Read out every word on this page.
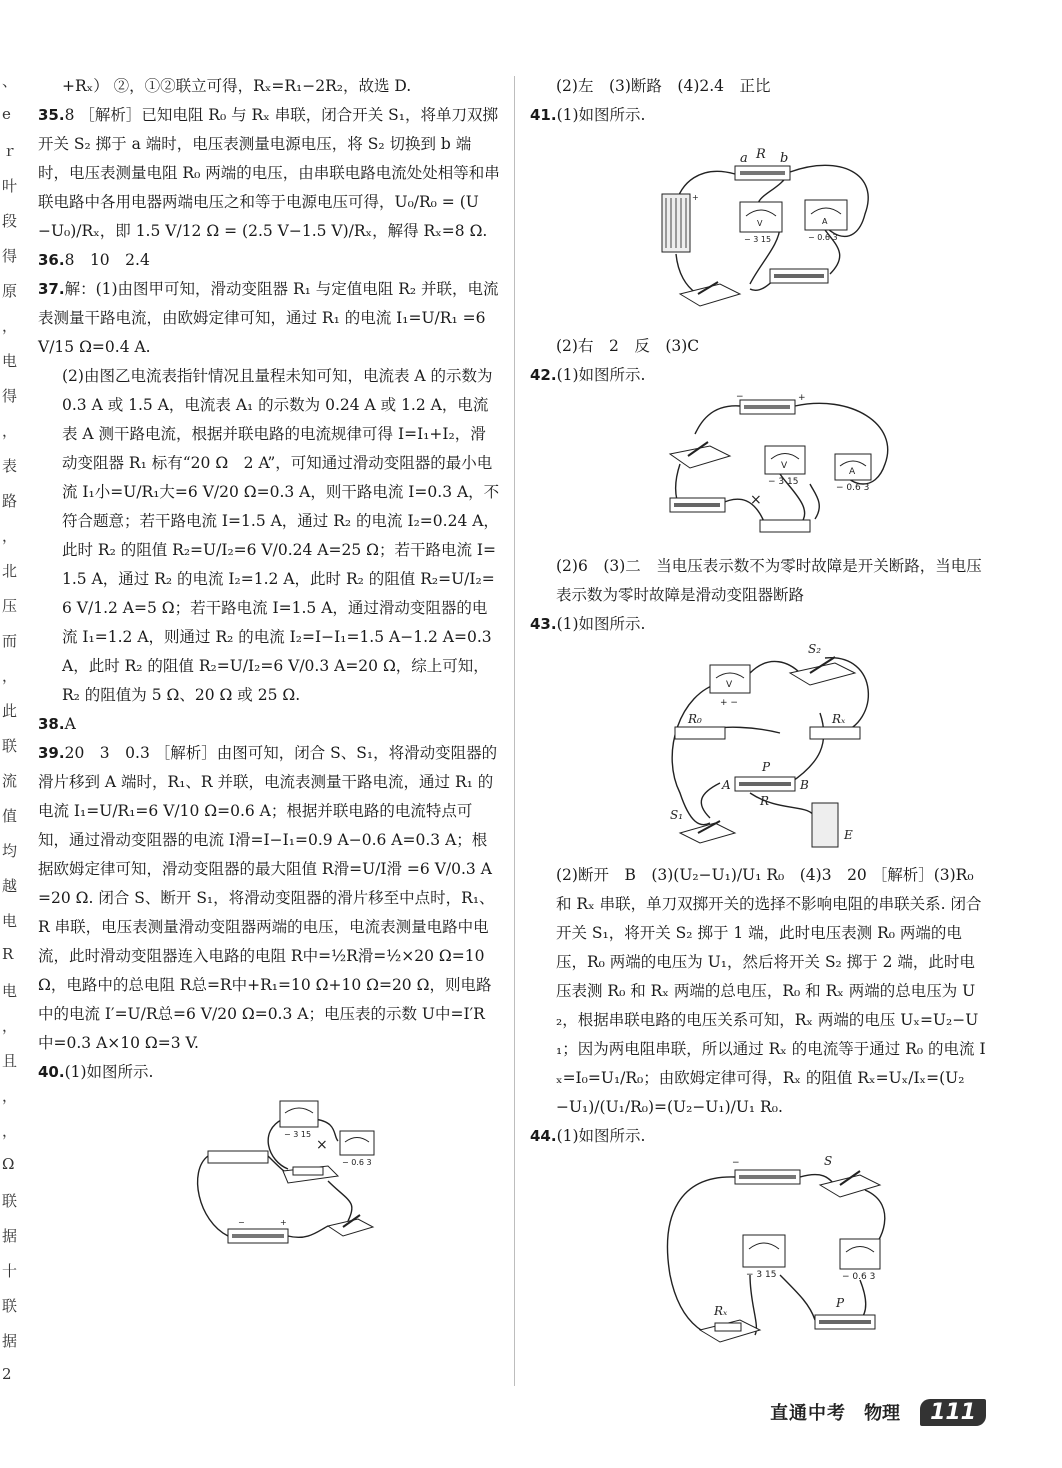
、
e
ｒ
叶
段
得
原
，
电
得
，
表
路
，
北
压
而
，
此
联
流
值
均
越
电
R
电
，
且
，
，
Ω
联
据
十
联
据
2

+Rₓ） ②，①②联立可得，Rₓ=R₁−2R₂，故选 D.

35.8 ［解析］已知电阻 R₀ 与 Rₓ 串联，闭合开关 S₁，将单刀双掷开关 S₂ 掷于 a 端时，电压表测量电源电压，将 S₂ 切换到 b 端时，电压表测量电阻 R₀ 两端的电压，由串联电路电流处处相等和串联电路中各用电器两端电压之和等于电源电压可得，U₀/R₀ = (U−U₀)/Rₓ，即 1.5 V/12 Ω = (2.5 V−1.5 V)/Rₓ，解得 Rₓ=8 Ω.

36.8　10　2.4

37.解：(1)由图甲可知，滑动变阻器 R₁ 与定值电阻 R₂ 并联，电流表测量干路电流，由欧姆定律可知，通过 R₁ 的电流 I₁=U/R₁ =6 V/15 Ω=0.4 A.

(2)由图乙电流表指针情况且量程未知可知，电流表 A 的示数为 0.3 A 或 1.5 A，电流表 A₁ 的示数为 0.24 A 或 1.2 A，电流表 A 测干路电流，根据并联电路的电流规律可得 I=I₁+I₂，滑动变阻器 R₁ 标有“20 Ω　2 A”，可知通过滑动变阻器的最小电流 I₁小=U/R₁大=6 V/20 Ω=0.3 A，则干路电流 I=0.3 A，不符合题意；若干路电流 I=1.5 A，通过 R₂ 的电流 I₂=0.24 A，此时 R₂ 的阻值 R₂=U/I₂=6 V/0.24 A=25 Ω；若干路电流 I=1.5 A，通过 R₂ 的电流 I₂=1.2 A，此时 R₂ 的阻值 R₂=U/I₂=6 V/1.2 A=5 Ω；若干路电流 I=1.5 A，通过滑动变阻器的电流 I₁=1.2 A，则通过 R₂ 的电流 I₂=I−I₁=1.5 A−1.2 A=0.3 A，此时 R₂ 的阻值 R₂=U/I₂=6 V/0.3 A=20 Ω，综上可知，R₂ 的阻值为 5 Ω、20 Ω 或 25 Ω.

38.A

39.20　3　0.3 ［解析］由图可知，闭合 S、S₁，将滑动变阻器的滑片移到 A 端时，R₁、R 并联，电流表测量干路电流，通过 R₁ 的电流 I₁=U/R₁=6 V/10 Ω=0.6 A；根据并联电路的电流特点可知，通过滑动变阻器的电流 I滑=I−I₁=0.9 A−0.6 A=0.3 A；根据欧姆定律可知，滑动变阻器的最大阻值 R滑=U/I滑 =6 V/0.3 A=20 Ω. 闭合 S、断开 S₁，将滑动变阻器的滑片移至中点时，R₁、R 串联，电压表测量滑动变阻器两端的电压，电流表测量电路中电流，此时滑动变阻器连入电路的电阻 R中=½R滑=½×20 Ω=10 Ω，电路中的总电阻 R总=R中+R₁=10 Ω+10 Ω=20 Ω，则电路中的电流 I′=U/R总=6 V/20 Ω=0.3 A；电压表的示数 U中=I′R中=0.3 A×10 Ω=3 V.

40.(1)如图所示.

×
− 3 15
− 0.6 3
−	+

(2)左　(3)断路　(4)2.4　正比

41.(1)如图所示.

a R b
+
V	A
− 3 15	− 0.6 3

(2)右　2　反　(3)C

42.(1)如图所示.

×
−	+
V
A
− 3 15
− 0.6 3

(2)6　(3)二　当电压表示数不为零时故障是开关断路，当电压表示数为零时故障是滑动变阻器断路

43.(1)如图所示.

S₂
R₀	Rₓ
P
A	B
R
S₁
E
V
+ −

(2)断开　B　(3)(U₂−U₁)/U₁ R₀　(4)3　20 ［解析］(3)R₀ 和 Rₓ 串联，单刀双掷开关的选择不影响电阻的串联关系. 闭合开关 S₁，将开关 S₂ 掷于 1 端，此时电压表测 R₀ 两端的电压，R₀ 两端的电压为 U₁，然后将开关 S₂ 掷于 2 端，此时电压表测 R₀ 和 Rₓ 两端的总电压，R₀ 和 Rₓ 两端的总电压为 U₂，根据串联电路的电压关系可知，Rₓ 两端的电压 Uₓ=U₂−U₁；因为两电阻串联，所以通过 Rₓ 的电流等于通过 R₀ 的电流 Iₓ=I₀=U₁/R₀；由欧姆定律可得，Rₓ 的阻值 Rₓ=Uₓ/Iₓ=(U₂−U₁)/(U₁/R₀)=(U₂−U₁)/U₁ R₀.

44.(1)如图所示.

S
Rₓ
P
−
− 3 15	− 0.6 3
直通中考 物理	111
